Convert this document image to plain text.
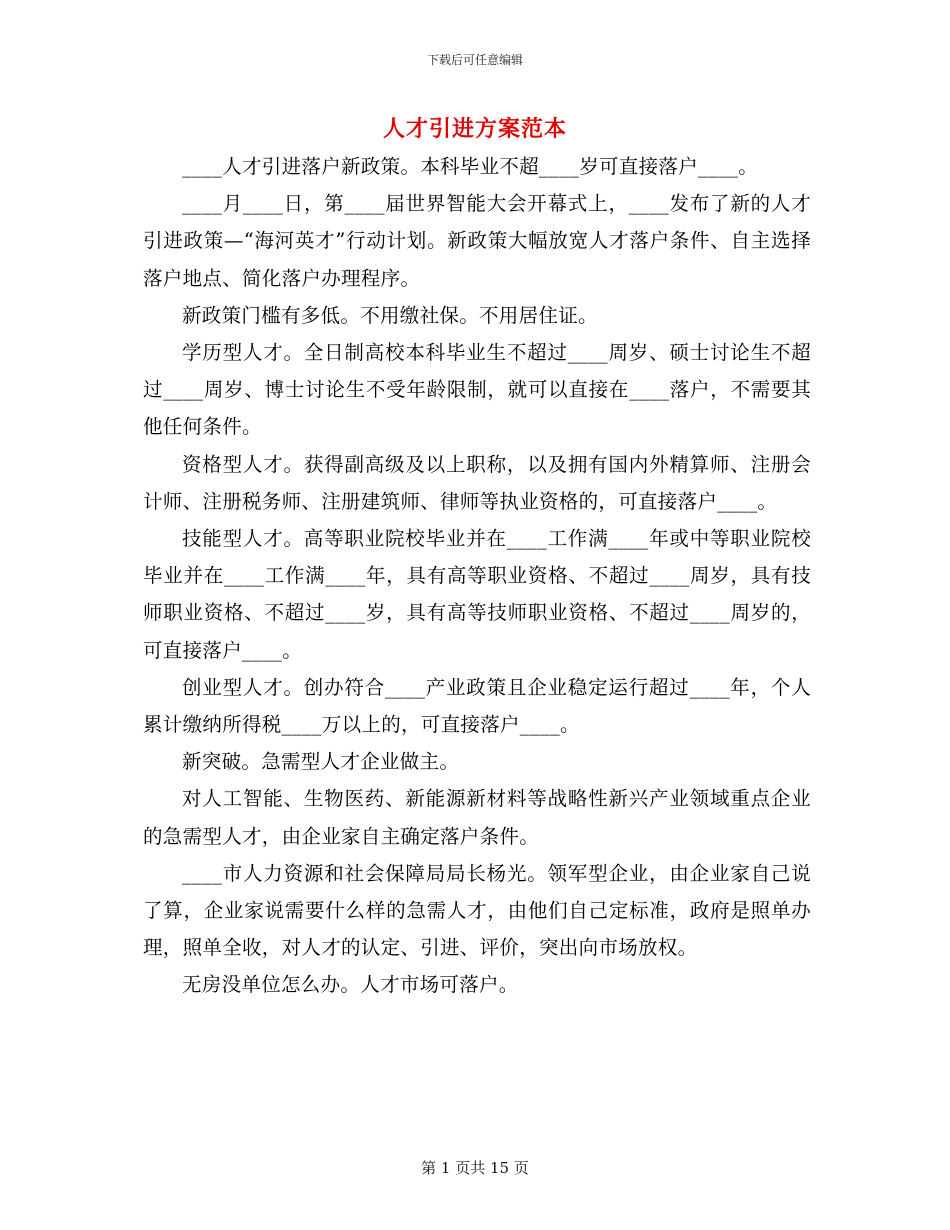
下载后可任意编辑
人才引进方案范本

____人才引进落户新政策。本科毕业不超____岁可直接落户____。

____月____日，第____届世界智能大会开幕式上，____发布了新的人才引进政策—“海河英才”行动计划。新政策大幅放宽人才落户条件、自主选择落户地点、简化落户办理程序。

新政策门槛有多低。不用缴社保。不用居住证。

学历型人才。全日制高校本科毕业生不超过____周岁、硕士讨论生不超过____周岁、博士讨论生不受年龄限制，就可以直接在____落户，不需要其他任何条件。

资格型人才。获得副高级及以上职称，以及拥有国内外精算师、注册会计师、注册税务师、注册建筑师、律师等执业资格的，可直接落户____。

技能型人才。高等职业院校毕业并在____工作满____年或中等职业院校毕业并在____工作满____年，具有高等职业资格、不超过____周岁，具有技师职业资格、不超过____岁，具有高等技师职业资格、不超过____周岁的，可直接落户____。

创业型人才。创办符合____产业政策且企业稳定运行超过____年，个人累计缴纳所得税____万以上的，可直接落户____。

新突破。急需型人才企业做主。

对人工智能、生物医药、新能源新材料等战略性新兴产业领域重点企业的急需型人才，由企业家自主确定落户条件。

____市人力资源和社会保障局局长杨光。领军型企业，由企业家自己说了算，企业家说需要什么样的急需人才，由他们自己定标准，政府是照单办理，照单全收，对人才的认定、引进、评价，突出向市场放权。

无房没单位怎么办。人才市场可落户。

第 1 页共 15 页
